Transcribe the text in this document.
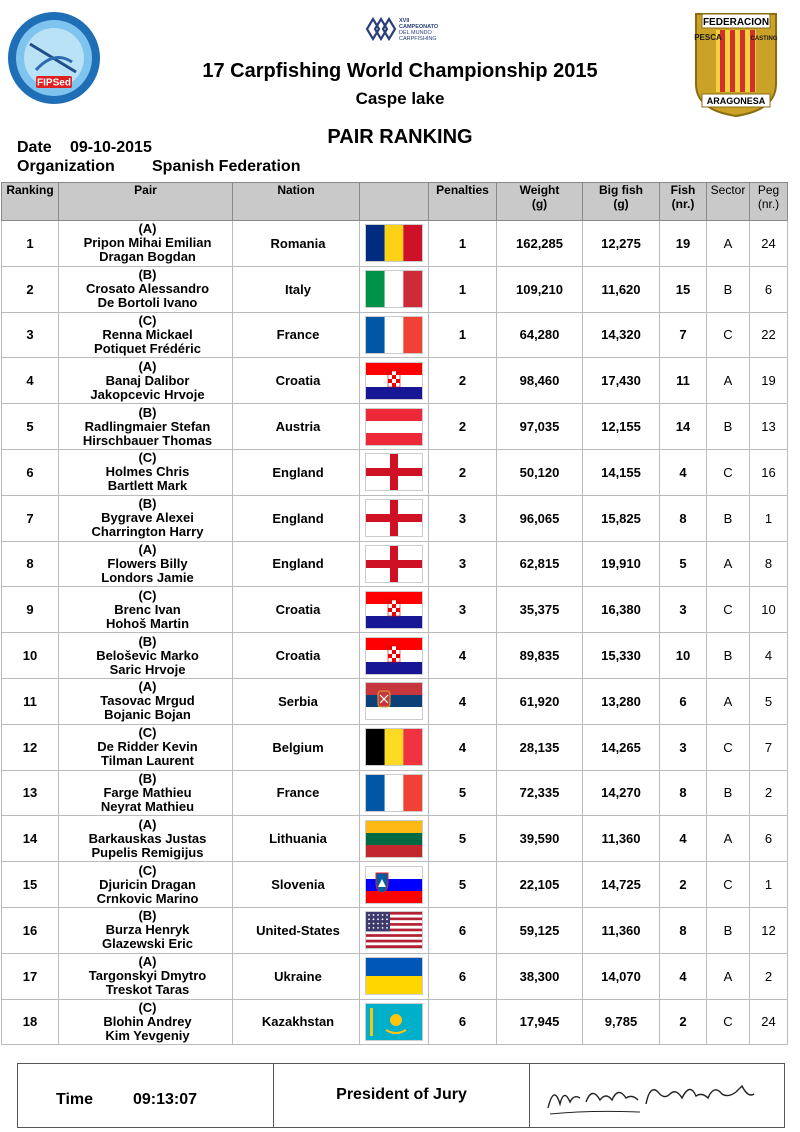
FIPSed
XVII
CAMPEONATO
DEL MUNDO
CARPFISHING
FEDERACION
PESCA	CASTING
ARAGONESA
17 Carpfishing World Championship 2015
Caspe lake
PAIR RANKING
Date 09-10-2015
Organization Spanish Federation
Ranking	Pair	Nation		Penalties	Weight
(g)	Big fish
(g)	Fish
(nr.)	Sector	Peg
(nr.)
1	(A)
Pripon Mihai Emilian
Dragan Bogdan	Romania		1	162,285	12,275	19	A	24
2	(B)
Crosato Alessandro
De Bortoli Ivano	Italy		1	109,210	11,620	15	B	6
3	(C)
Renna Mickael
Potiquet Frédéric	France		1	64,280	14,320	7	C	22
4	(A)
Banaj Dalibor
Jakopcevic Hrvoje	Croatia		2	98,460	17,430	11	A	19
5	(B)
Radlingmaier Stefan
Hirschbauer Thomas	Austria		2	97,035	12,155	14	B	13
6	(C)
Holmes Chris
Bartlett Mark	England		2	50,120	14,155	4	C	16
7	(B)
Bygrave Alexei
Charrington Harry	England		3	96,065	15,825	8	B	1
8	(A)
Flowers Billy
Londors Jamie	England		3	62,815	19,910	5	A	8
9	(C)
Brenc Ivan
Hohoš Martin	Croatia		3	35,375	16,380	3	C	10
10	(B)
Beloševic Marko
Saric Hrvoje	Croatia		4	89,835	15,330	10	B	4
11	(A)
Tasovac Mrgud
Bojanic Bojan	Serbia		4	61,920	13,280	6	A	5
12	(C)
De Ridder Kevin
Tilman Laurent	Belgium		4	28,135	14,265	3	C	7
13	(B)
Farge Mathieu
Neyrat Mathieu	France		5	72,335	14,270	8	B	2
14	(A)
Barkauskas Justas
Pupelis Remigijus	Lithuania		5	39,590	11,360	4	A	6
15	(C)
Djuricin Dragan
Crnkovic Marino	Slovenia		5	22,105	14,725	2	C	1
16	(B)
Burza Henryk
Glazewski Eric	United-States		6	59,125	11,360	8	B	12
17	(A)
Targonskyi Dmytro
Treskot Taras	Ukraine		6	38,300	14,070	4	A	2
18	(C)
Blohin Andrey
Kim Yevgeniy	Kazakhstan		6	17,945	9,785	2	C	24
Time 09:13:07	President of Jury
